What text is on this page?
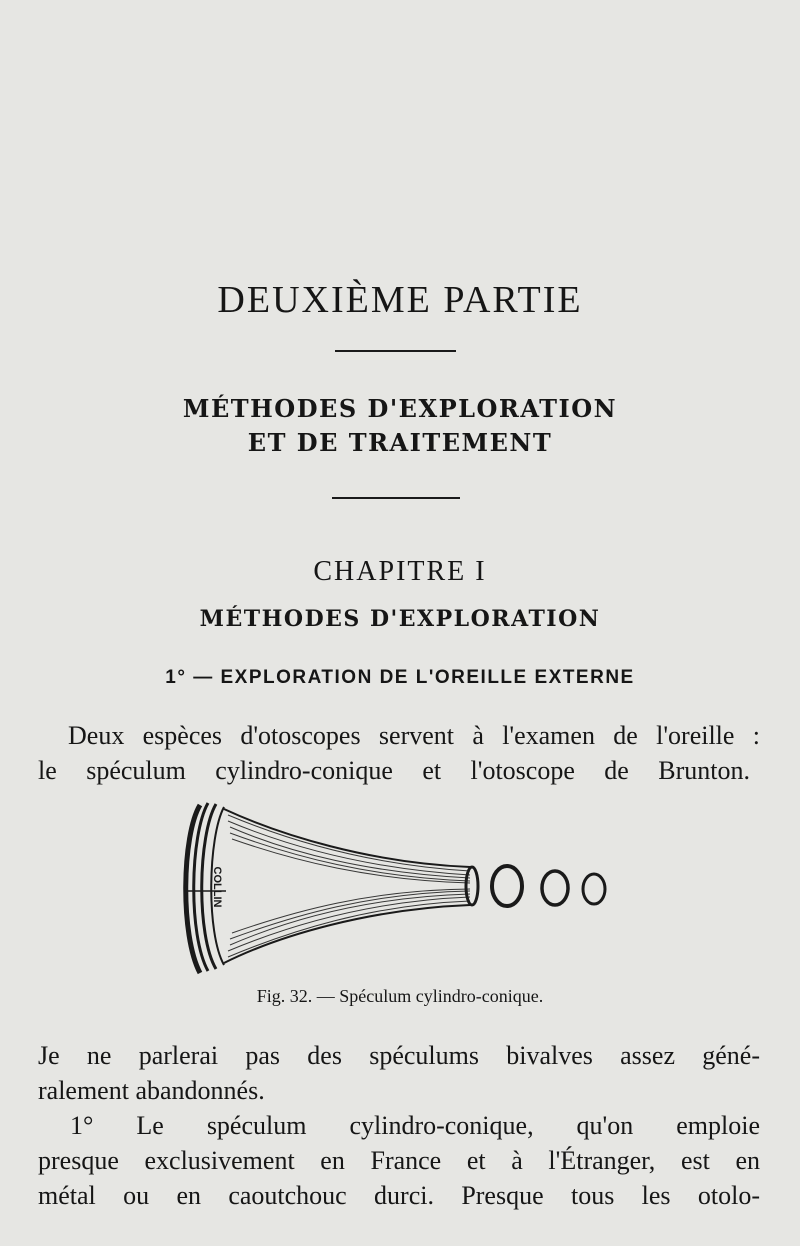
DEUXIÈME PARTIE
MÉTHODES D'EXPLORATION
ET DE TRAITEMENT
CHAPITRE I
MÉTHODES D'EXPLORATION
1° — EXPLORATION DE L'OREILLE EXTERNE
Deux espèces d'otoscopes servent à l'examen de l'oreille :
le spéculum cylindro-conique et l'otoscope de Brunton.
COLLIN
Fig. 32. — Spéculum cylindro-conique.
Je ne parlerai pas des spéculums bivalves assez géné-
ralement abandonnés.
1° Le spéculum cylindro-conique, qu'on emploie
presque exclusivement en France et à l'Étranger, est en
métal ou en caoutchouc durci. Presque tous les otolo-
